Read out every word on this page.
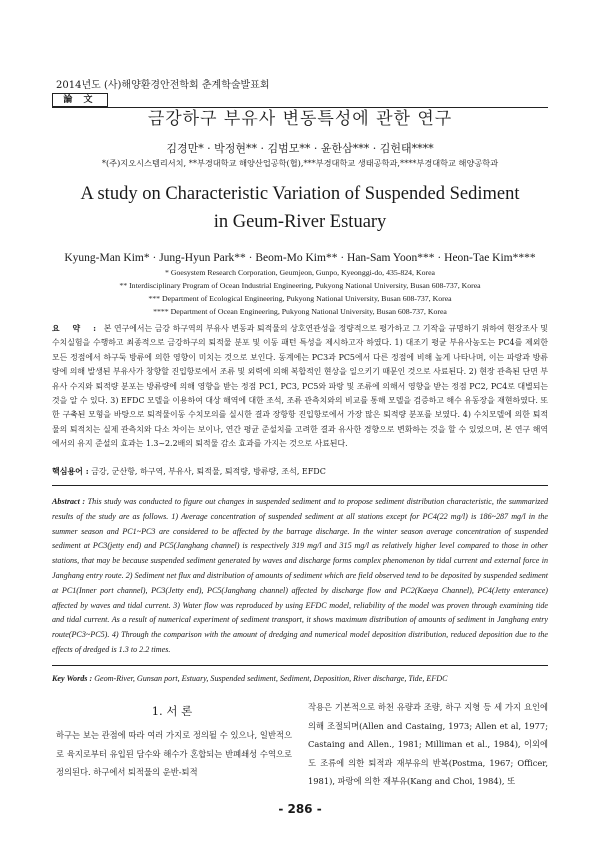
2014년도 (사)해양환경안전학회 춘계학술발표회
論 文
금강하구 부유사 변동특성에 관한 연구
김경만* · 박정현** · 김범모** · 윤한삼*** · 김헌태****
*(주)지오시스템리서치, **부경대학교 해양산업공학(협),***부경대학교 생태공학과,****부경대학교 해양공학과
A study on Characteristic Variation of Suspended Sediment
in Geum-River Estuary
Kyung-Man Kim* · Jung-Hyun Park** · Beom-Mo Kim** · Han-Sam Yoon*** · Heon-Tae Kim****
* Goesystem Research Corporation, Geumjeon, Gunpo, Kyeonggi-do, 435-824, Korea
** Interdisciplinary Program of Ocean Industrial Engineering, Pukyong National University, Busan 608-737, Korea
*** Department of Ecological Engineering, Pukyong National University, Busan 608-737, Korea
**** Department of Ocean Engineering, Pukyong National University, Busan 608-737, Korea
요 약 : 본 연구에서는 금강 하구역의 부유사 변동과 퇴적물의 상호연관성을 정량적으로 평가하고 그 기작을 규명하기 위하여 현장조사 및 수치실험을 수행하고 최종적으로 금강하구의 퇴적물 분포 및 이동 패턴 특성을 제시하고자 하였다. 1) 대조기 평균 부유사농도는 PC4를 제외한 모든 정점에서 하구둑 방류에 의한 영향이 미치는 것으로 보인다. 동계에는 PC3과 PC5에서 다른 정점에 비해 높게 나타나며, 이는 파랑과 방류량에 의해 발생된 부유사가 창향할 진입항로에서 조류 및 외력에 의해 복합적인 현상을 일으키기 때문인 것으로 사료된다. 2) 현장 관측된 단면 부유사 수지와 퇴적량 분포는 방류량에 의해 영향을 받는 정점 PC1, PC3, PC5와 파랑 및 조류에 의해서 영향을 받는 정점 PC2, PC4로 대별되는 것을 알 수 있다. 3) EFDC 모델을 이용하여 대상 해역에 대한 조석, 조류 관측치와의 비교를 통해 모델을 검증하고 해수 유동장을 재현하였다. 또한 구축된 모형을 바탕으로 퇴적물이동 수치모의를 실시한 결과 장항항 진입항로에서 가장 많은 퇴적량 분포를 보였다. 4) 수치모델에 의한 퇴적물의 퇴적치는 실제 관측치와 다소 차이는 보이나, 연간 평균 준설치를 고려한 결과 유사한 경향으로 변화하는 것을 할 수 있었으며, 본 연구 해역에서의 유지 준설의 효과는 1.3~2.2배의 퇴적물 감소 효과를 가지는 것으로 사료된다.
핵심용어 : 금강, 군산항, 하구역, 부유사, 퇴적물, 퇴적량, 방류량, 조석, EFDC
Abstract : This study was conducted to figure out changes in suspended sediment and to propose sediment distribution characteristic, the summarized results of the study are as follows. 1) Average concentration of suspended sediment at all stations except for PC4(22 mg/l) is 186~287 mg/l in the summer season and PC1~PC3 are considered to be affected by the barrage discharge. In the winter season average concentration of suspended sediment at PC3(jetty end) and PC5(Janghang channel) is respectively 319 mg/l and 315 mg/l as relatively higher level compared to those in other stations, that may be because suspended sediment generated by waves and discharge forms complex phenomenon by tidal current and external force in Janghang entry route. 2) Sediment net flux and distribution of amounts of sediment which are field observed tend to be deposited by suspended sediment at PC1(Inner port channel), PC3(Jetty end), PC5(Janghang channel) affected by discharge flow and PC2(Kaeya Channel), PC4(Jetty enterance) affected by waves and tidal current. 3) Water flow was reproduced by using EFDC model, reliability of the model was proven through examining tide and tidal current. As a result of numerical experiment of sediment transport, it shows maximum distribution of amounts of sediment in Janghang entry route(PC3~PC5). 4) Through the comparison with the amount of dredging and numerical model deposition distribution, reduced deposition due to the effects of dredged is 1.3 to 2.2 times.
Key Words : Geom-River, Gunsan port, Estuary, Suspended sediment, Sediment, Deposition, River discharge, Tide, EFDC
1. 서 론
하구는 보는 관점에 따라 여러 가지로 정의될 수 있으나, 일반적으로 육지로부터 유입된 담수와 해수가 혼합되는 반폐쇄성 수역으로 정의된다. 하구에서 퇴적물의 운반-퇴적
작용은 기본적으로 하천 유량과 조량, 하구 지형 등 세 가지 요인에 의해 조절되며(Allen and Castaing, 1973; Allen et al, 1977; Castaing and Allen., 1981; Milliman et al., 1984), 이외에도 조류에 의한 퇴적과 재부유의 반복(Postma, 1967; Officer, 1981), 파랑에 의한 재부유(Kang and Choi, 1984), 또
- 286 -
